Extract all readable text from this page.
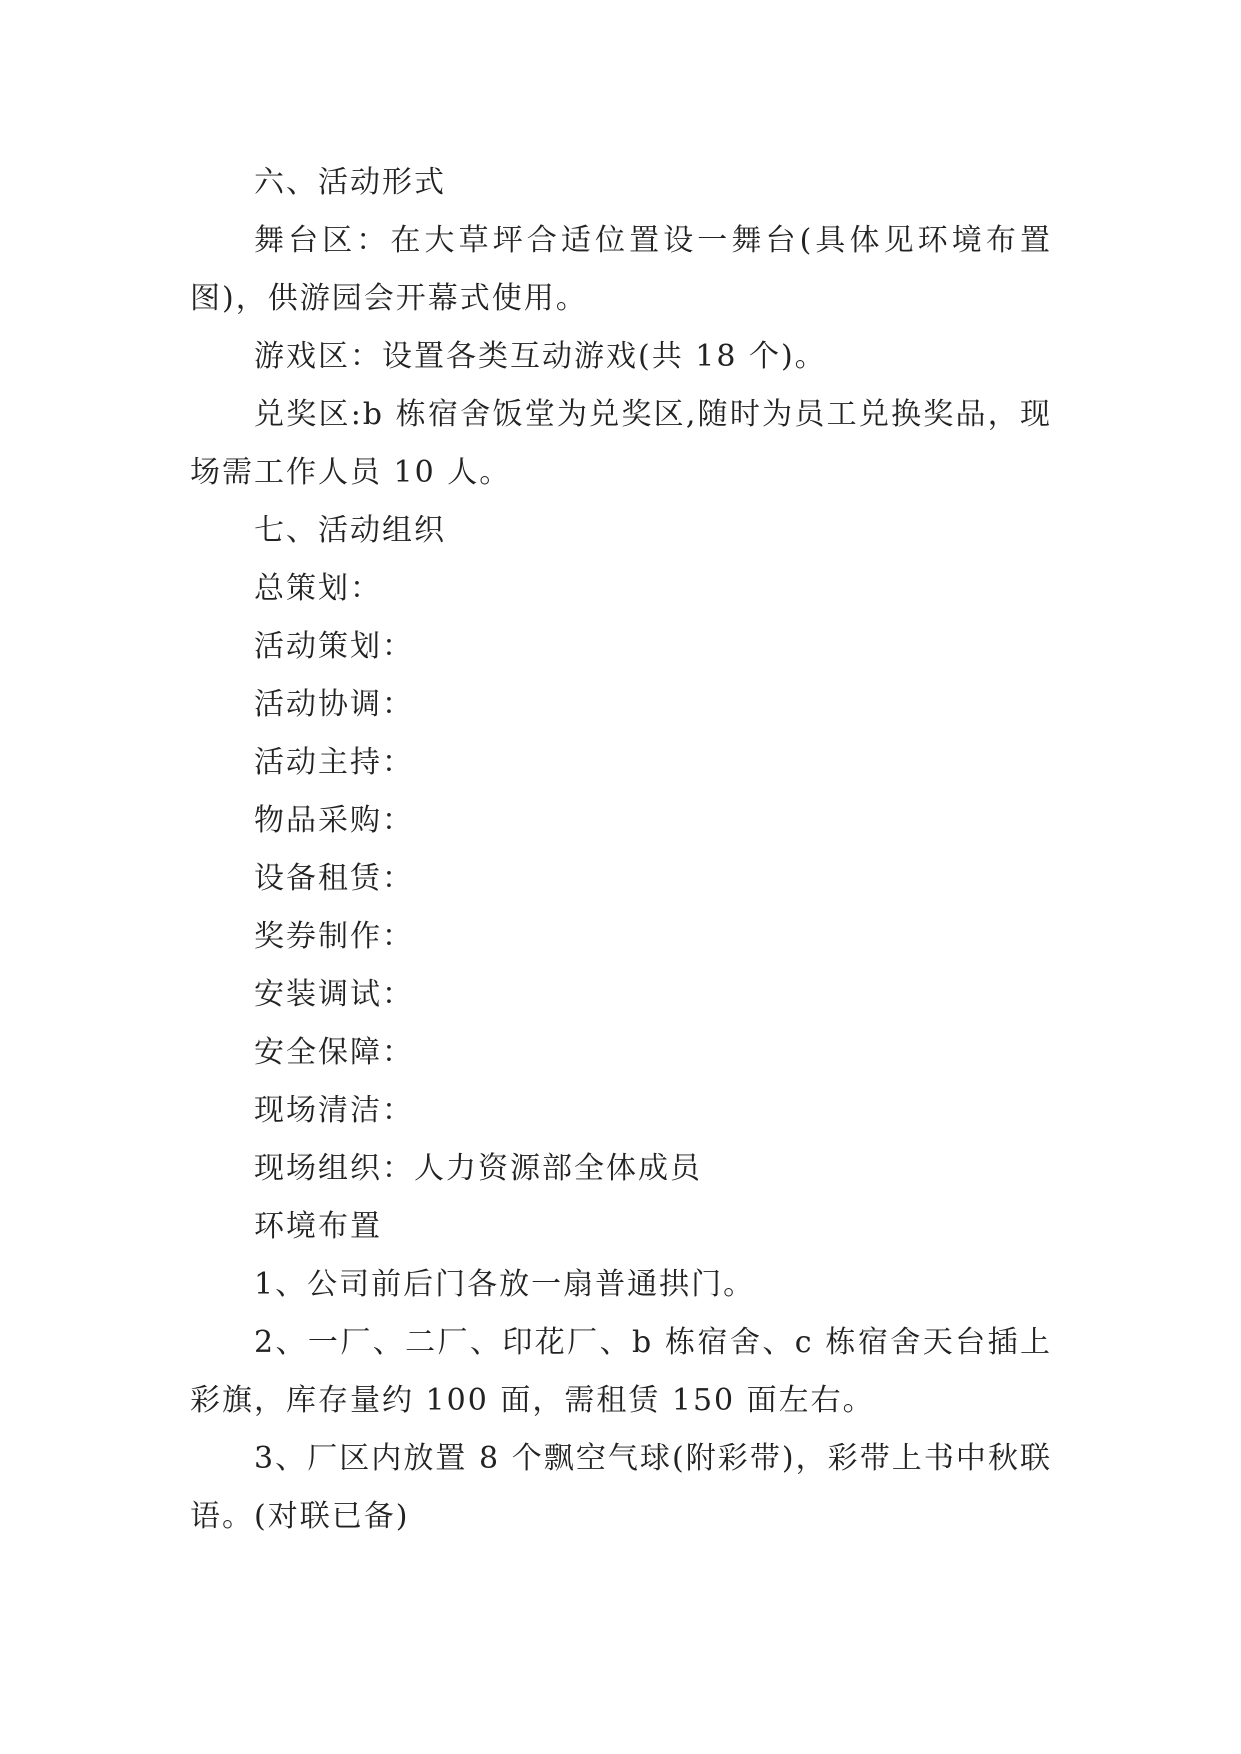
六、活动形式

舞台区：在大草坪合适位置设一舞台(具体见环境布置图)，供游园会开幕式使用。

游戏区：设置各类互动游戏(共 18 个)。

兑奖区:b 栋宿舍饭堂为兑奖区,随时为员工兑换奖品，现场需工作人员 10 人。

七、活动组织

总策划：

活动策划：

活动协调：

活动主持：

物品采购：

设备租赁：

奖券制作：

安装调试：

安全保障：

现场清洁：

现场组织：人力资源部全体成员

环境布置

1、公司前后门各放一扇普通拱门。

2、一厂、二厂、印花厂、b 栋宿舍、c 栋宿舍天台插上彩旗，库存量约 100 面，需租赁 150 面左右。

3、厂区内放置 8 个飘空气球(附彩带)，彩带上书中秋联语。(对联已备)
